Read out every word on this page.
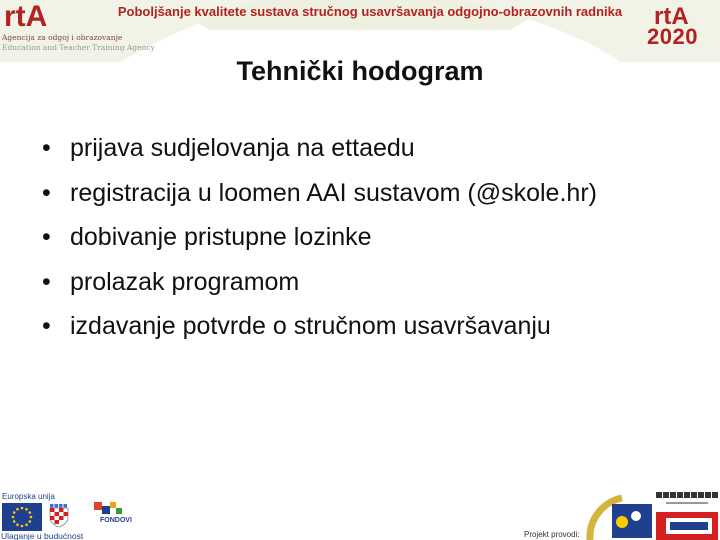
rtA
Agencija za odgoj i obrazovanje
Education and Teacher Training Agency
Poboljšanje kvalitete sustava stručnog usavršavanja odgojno-obrazovnih radnika	rtA
2020
Tehnički hodogram
• prijava sudjelovanja na ettaedu
• registracija u loomen AAI sustavom (@skole.hr)
• dobivanje pristupne lozinke
• prolazak programom
• izdavanje potvrde o stručnom usavršavanju
Europska unija
FONDOVI
Ulaganje u budućnost	Projekt provodi:
